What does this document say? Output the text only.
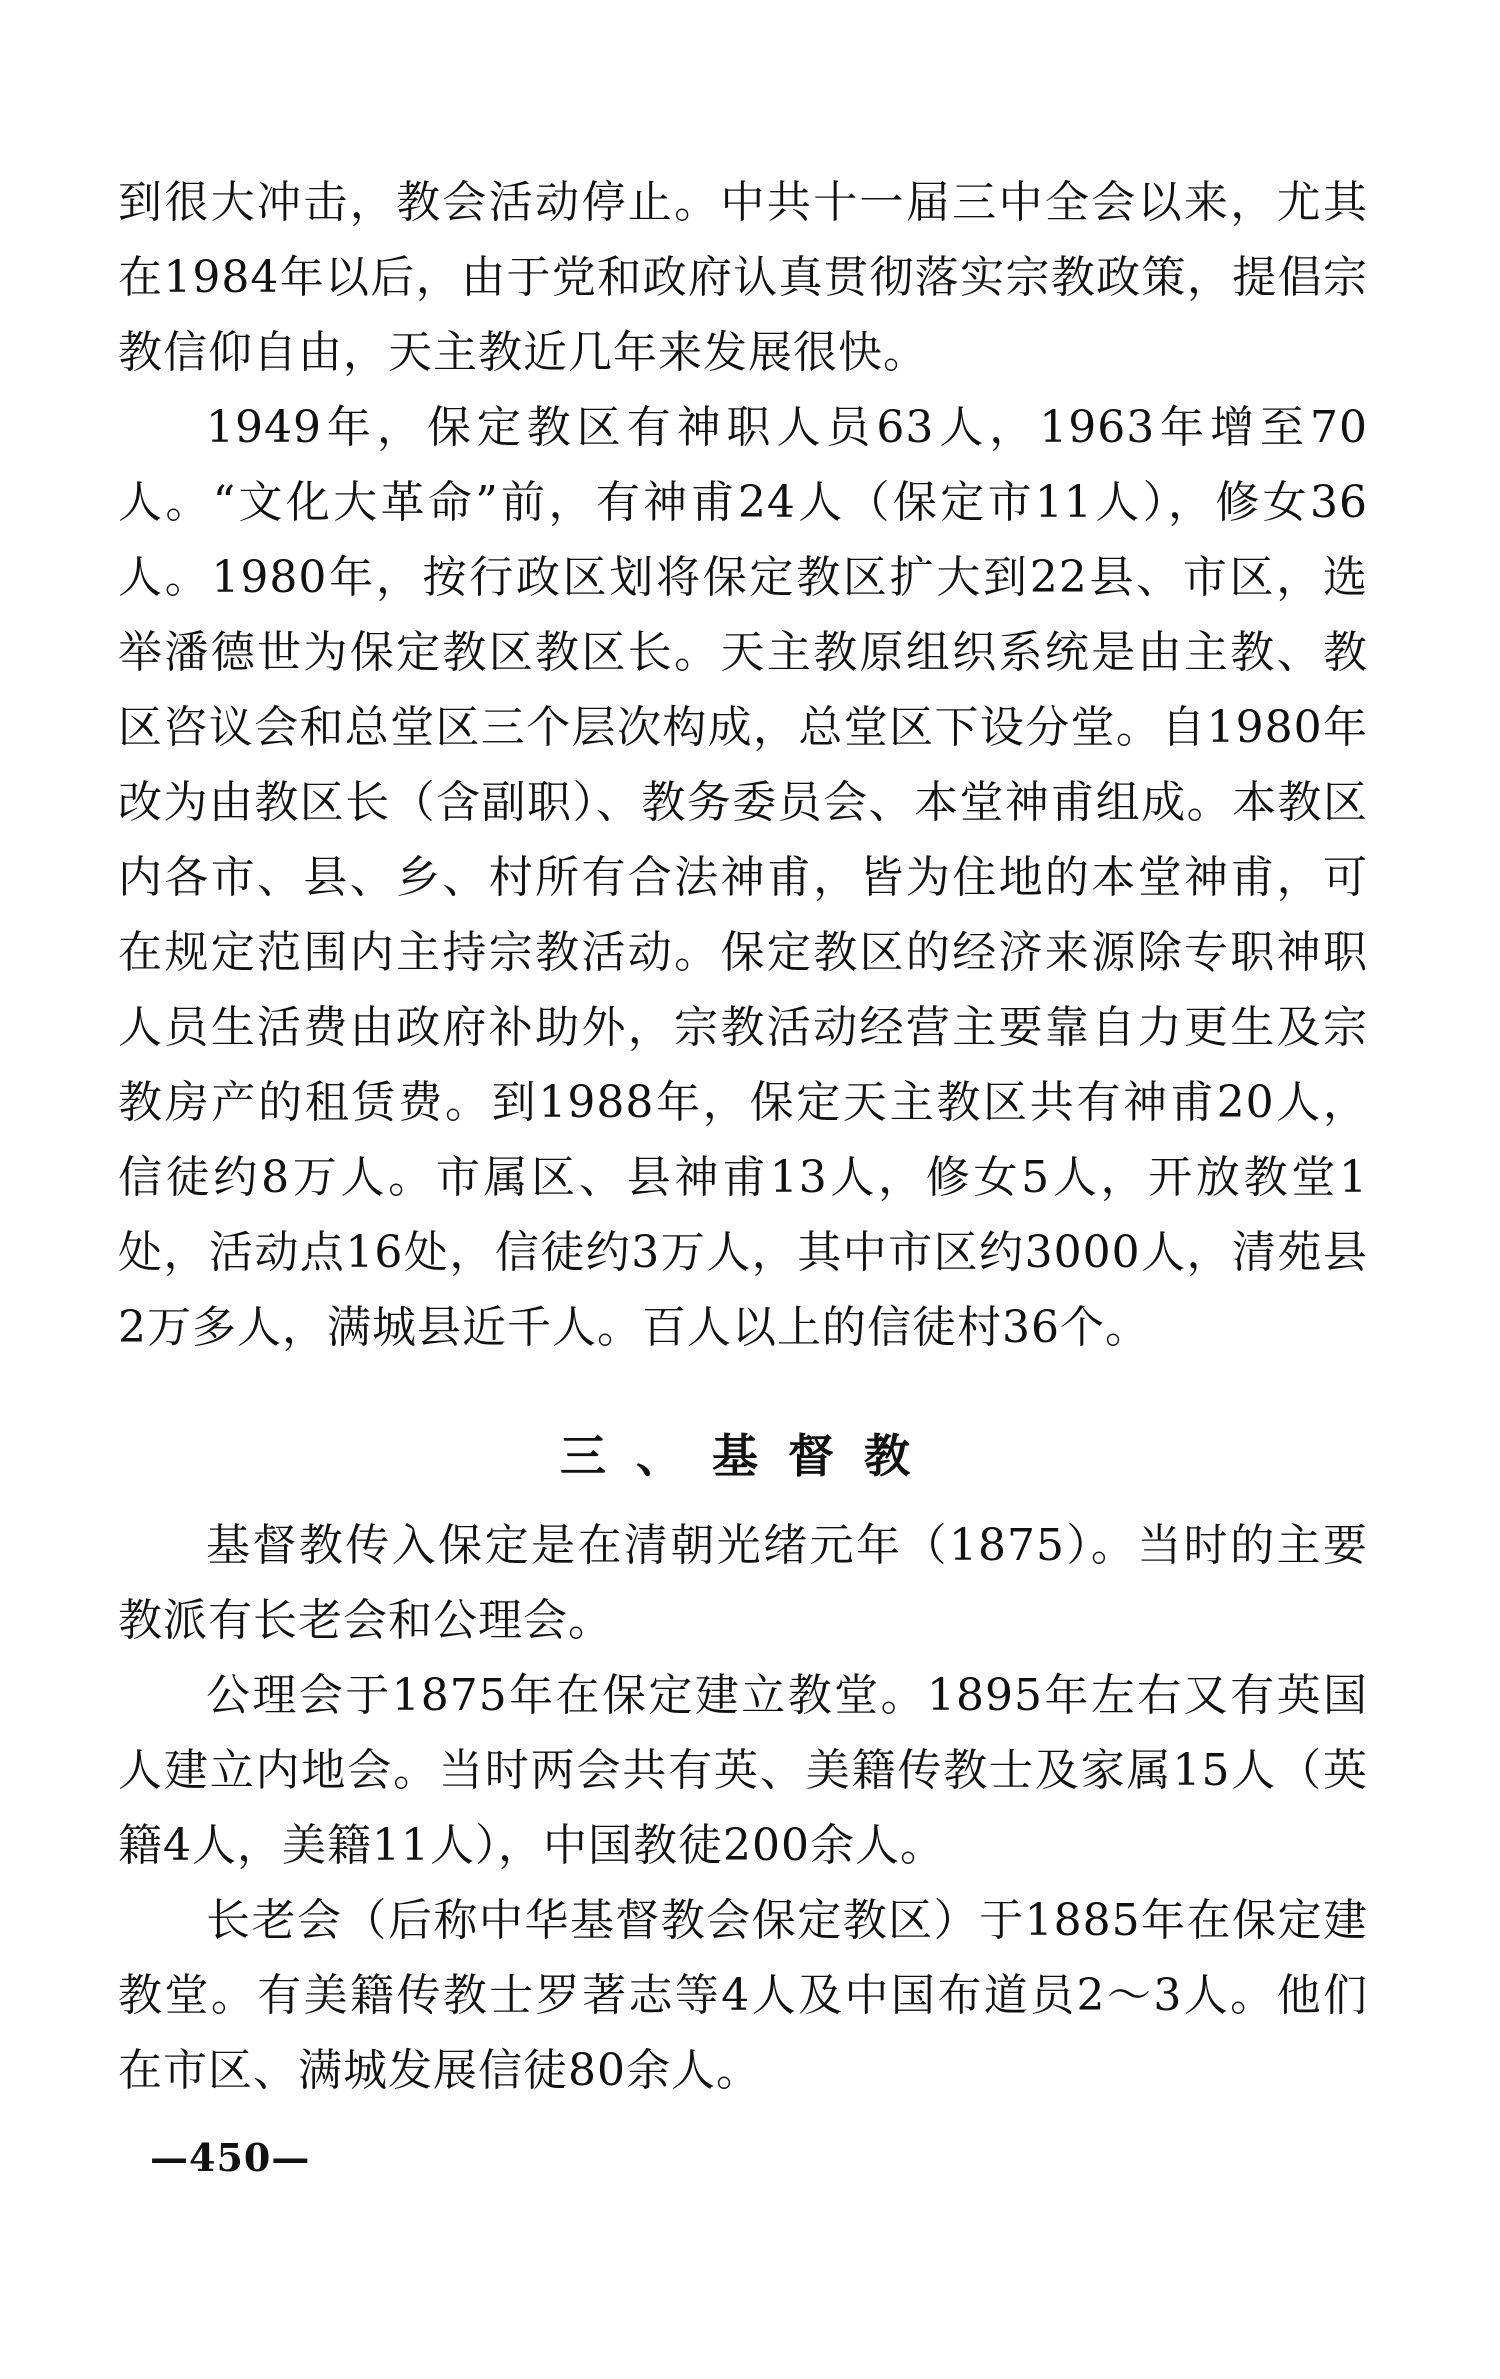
到很大冲击，教会活动停止。中共十一届三中全会以来，尤其在1984年以后，由于党和政府认真贯彻落实宗教政策，提倡宗教信仰自由，天主教近几年来发展很快。

1949年，保定教区有神职人员63人，1963年增至70人。“文化大革命”前，有神甫24人（保定市11人），修女36人。1980年，按行政区划将保定教区扩大到22县、市区，选举潘德世为保定教区教区长。天主教原组织系统是由主教、教区咨议会和总堂区三个层次构成，总堂区下设分堂。自1980年改为由教区长（含副职）、教务委员会、本堂神甫组成。本教区内各市、县、乡、村所有合法神甫，皆为住地的本堂神甫，可在规定范围内主持宗教活动。保定教区的经济来源除专职神职人员生活费由政府补助外，宗教活动经营主要靠自力更生及宗教房产的租赁费。到1988年，保定天主教区共有神甫20人，信徒约8万人。市属区、县神甫13人，修女5人，开放教堂1处，活动点16处，信徒约3万人，其中市区约3000人，清苑县2万多人，满城县近千人。百人以上的信徒村36个。

三、基督教

基督教传入保定是在清朝光绪元年（1875）。当时的主要教派有长老会和公理会。

公理会于1875年在保定建立教堂。1895年左右又有英国人建立内地会。当时两会共有英、美籍传教士及家属15人（英籍4人，美籍11人），中国教徒200余人。

长老会（后称中华基督教会保定教区）于1885年在保定建教堂。有美籍传教士罗著志等4人及中国布道员2～3人。他们在市区、满城发展信徒80余人。

—450—
